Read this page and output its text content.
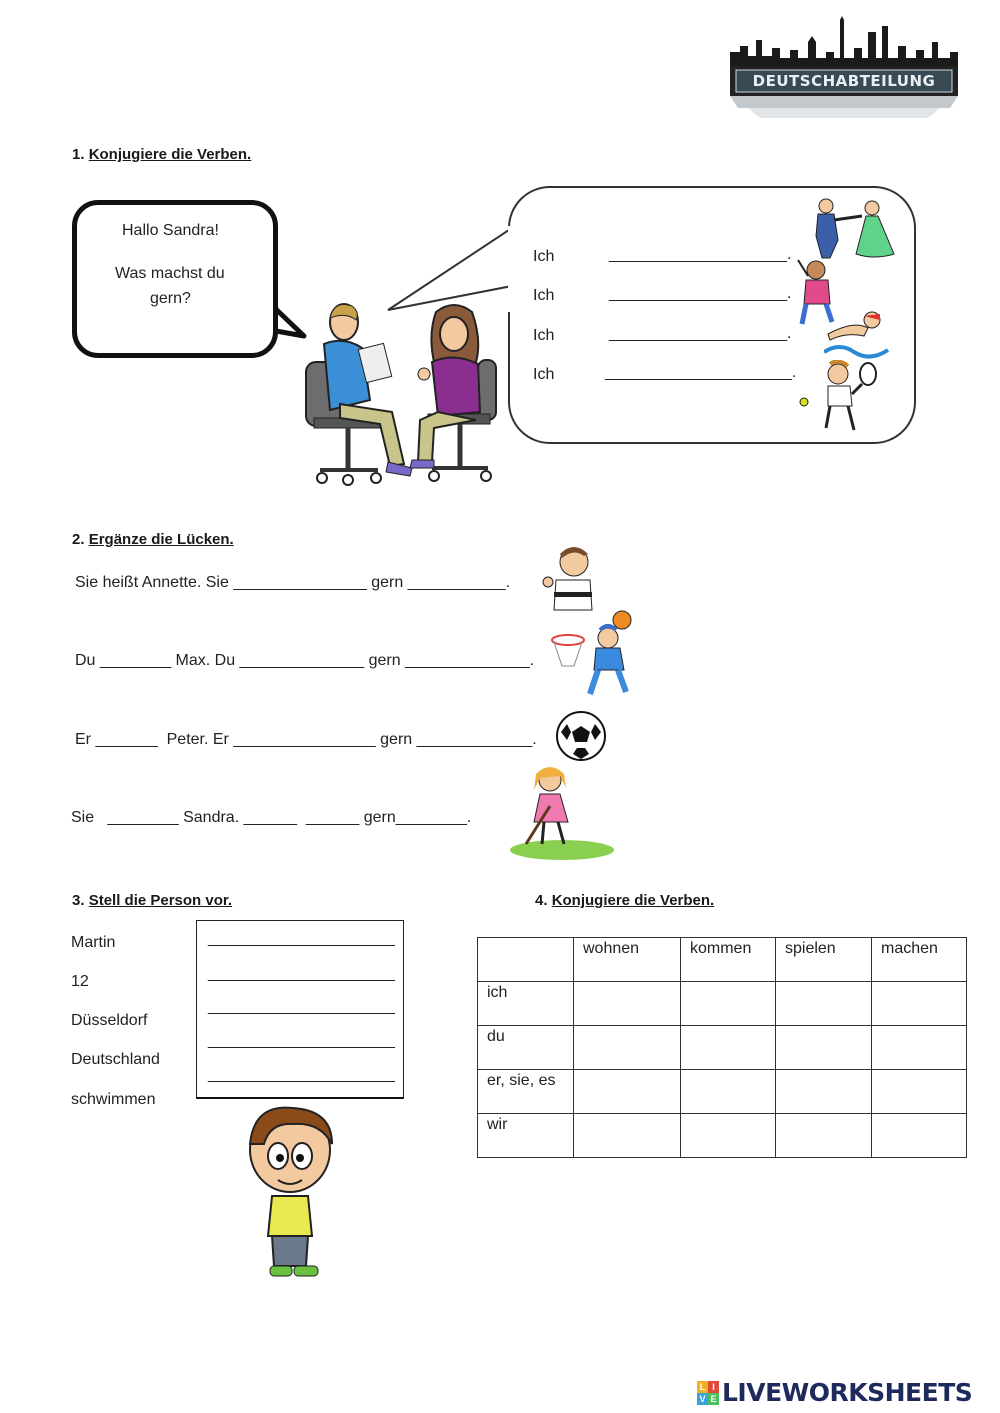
DEUTSCHABTEILUNG
1. Konjugiere die Verben.
Hallo Sandra!
Was machst du
gern?
Ich	____________________.
Ich	____________________.
Ich	____________________.
Ich	_____________________.
2. Ergänze die Lücken.
Sie heißt Annette. Sie _______________ gern ___________.
Du ________ Max. Du ______________ gern ______________.
Er _______  Peter. Er ________________ gern _____________.
Sie   ________ Sandra. ______  ______ gern________.
3. Stell die Person vor.
Martin
12
Düsseldorf
Deutschland
schwimmen
_____________________
_____________________
_____________________
_____________________
_____________________
4. Konjugiere die Verben.
	wohnen	kommen	spielen	machen
ich				
du				
er, sie, es				
wir				
L I
V E LIVEWORKSHEETS
